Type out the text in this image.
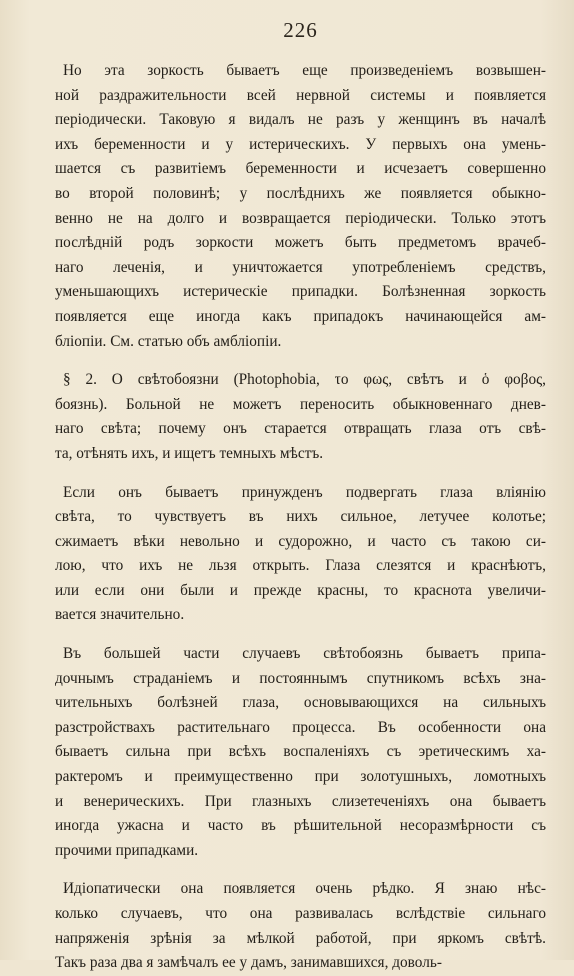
226
Но эта зоркость бываетъ еще произведеніемъ возвышен-
ной раздражительности всей нервной системы и появляется
періодически. Таковую я видалъ не разъ у женщинъ въ началѣ
ихъ беременности и у истерическихъ. У первыхъ она умень-
шается съ развитіемъ беременности и исчезаетъ совершенно
во второй половинѣ; у послѣднихъ же появляется обыкно-
венно не на долго и возвращается періодически. Только этотъ
послѣдній родъ зоркости можетъ быть предметомъ врачеб-
наго леченія, и уничтожается употребленіемъ средствъ,
уменьшающихъ истерическіе припадки. Болѣзненная зоркость
появляется еще иногда какъ припадокъ начинающейся ам-
бліопіи. См. статью объ амбліопіи.
§ 2. О свѣтобоязни (Photophobia, το φως, свѣтъ и ὁ φοβος,
боязнь). Больной не можетъ переносить обыкновеннаго днев-
наго свѣта; почему онъ старается отвращать глаза отъ свѣ-
та, отѣнять ихъ, и ищетъ темныхъ мѣстъ.
Если онъ бываетъ принужденъ подвергать глаза вліянію
свѣта, то чувствуетъ въ нихъ сильное, летучее колотье;
сжимаетъ вѣки невольно и судорожно, и часто съ такою си-
лою, что ихъ не льзя открыть. Глаза слезятся и краснѣютъ,
или если они были и прежде красны, то краснота увеличи-
вается значительно.
Въ большей части случаевъ свѣтобоязнь бываетъ припа-
дочнымъ страданіемъ и постояннымъ спутникомъ всѣхъ зна-
чительныхъ болѣзней глаза, основывающихся на сильныхъ
разстройствахъ растительнаго процесса. Въ особенности она
бываетъ сильна при всѣхъ воспаленіяхъ съ эретическимъ ха-
рактеромъ и преимущественно при золотушныхъ, ломотныхъ
и венерическихъ. При глазныхъ слизетеченіяхъ она бываетъ
иногда ужасна и часто въ рѣшительной несоразмѣрности съ
прочими припадками.
Идіопатически она появляется очень рѣдко. Я знаю нѣс-
колько случаевъ, что она развивалась вслѣдствіе сильнаго
напряженія зрѣнія за мѣлкой работой, при яркомъ свѣтѣ.
Такъ раза два я замѣчалъ ее у дамъ, занимавшихся, доволь-
